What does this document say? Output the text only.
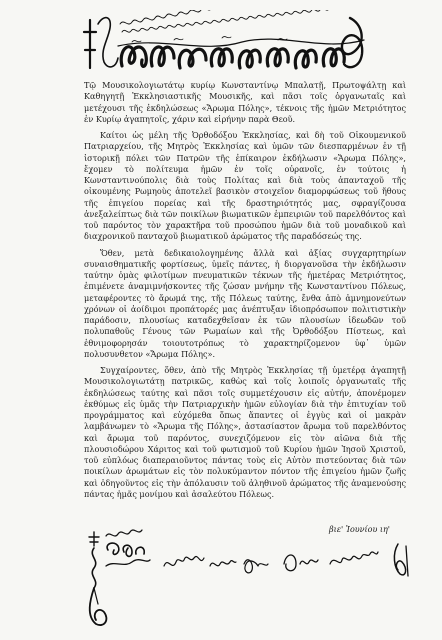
Τῷ Μουσικολογιωτάτῳ κυρίῳ Κωνσταντίνῳ Μπαλατῇ, Πρωτοψάλτῃ καὶ Καθηγητῇ Ἐκκλησιαστικῆς Μουσικῆς, καὶ πᾶσι τοῖς ὀργανωταῖς καὶ μετέχουσι τῆς ἐκδηλώσεως «Ἄρωμα Πόλης», τέκνοις τῆς ἡμῶν Μετριότητος ἐν Κυρίῳ ἀγαπητοῖς, χάριν καὶ εἰρήνην παρὰ Θεοῦ.

Καίτοι ὡς μέλη τῆς Ὀρθοδόξου Ἐκκλησίας, καὶ δὴ τοῦ Οἰκουμενικοῦ Πατριαρχείου, τῆς Μητρὸς Ἐκκλησίας καὶ ὑμῶν τῶν διεσπαρμένων ἐν τῇ ἱστορικῇ πόλει τῶν Πατρῶν τῆς ἐπίκαιρον ἐκδήλωσιν «Ἄρωμα Πόλης», ἔχομεν τὸ πολίτευμα ἡμῶν ἐν τοῖς οὐρανοῖς, ἐν τούτοις ἡ Κωνσταντινούπολις διὰ τοὺς Πολίτας καὶ διὰ τοὺς ἁπανταχοῦ τῆς οἰκουμένης Ρωμηοὺς ἀποτελεῖ βασικὸν στοιχεῖον διαμορφώσεως τοῦ ἤθους τῆς ἐπιγείου πορείας καὶ τῆς δραστηριότητός μας, σφραγίζουσα ἀνεξαλείπτως διὰ τῶν ποικίλων βιωματικῶν ἐμπειριῶν τοῦ παρελθόντος καὶ τοῦ παρόντος τὸν χαρακτῆρα τοῦ προσώπου ἡμῶν διὰ τοῦ μοναδικοῦ καὶ διαχρονικοῦ πανταχοῦ βιωματικοῦ ἀρώματος τῆς παραδόσεώς της.

Ὅθεν, μετὰ δεδικαιολογημένης ἄλλὰ καὶ ἀξίας συγχαρητηρίων συναισθηματικῆς φορτίσεως, ὑμεῖς πάντες, ἡ διοργανοῦσα τὴν ἐκδήλωσιν ταύτην ὁμὰς φιλοτίμων πνευματικῶν τέκνων τῆς ἡμετέρας Μετριότητος, ἐπιμένετε ἀναμιμνήσκοντες τῆς ζώσαν μνήμην τῆς Κωνσταντίνου Πόλεως, μεταφέροντες τὸ ἄρωμά της, τῆς Πόλεως ταύτης, ἔνθα ἀπὸ ἀμνημονεύτων χρόνων οἱ ἀοίδιμοι προπάτορές μας ἀνέπτυξαν ἰδιοπρόσωπον πολιτιστικὴν παράδοσιν, πλουσίως καταδεχθεῖσαν ἐκ τῶν πλουσίων ἰδεωδῶν τοῦ πολυπαθοῦς Γένους τῶν Ρωμαίων καὶ τῆς Ὀρθοδόξου Πίστεως, καὶ ἐθνιμοφορησάν τοιουτοτρόπως τὸ χαρακτηρίζομενον ὑφ᾽ ὑμῶν πολυσυνθετον «Ἄρωμα Πόλης».

Συγχαίροντες, ὅθεν, ἀπὸ τῆς Μητρὸς Ἐκκλησίας τῇ ὑμετέρᾳ ἀγαπητῇ Μουσικολογιωτάτῃ πατρικῶς, καθὼς καὶ τοῖς λοιποῖς ὀργανωταῖς τῆς ἐκδηλώσεως ταύτης καὶ πᾶσι τοῖς συμμετέχουσιν εἰς αὐτήν, ἀπονέμομεν ἐκθύμως εἰς ὑμᾶς τὴν Πατριαρχικὴν ἡμῶν εὐλογίαν διὰ τὴν ἐπιτυχίαν τοῦ προγράμματος καὶ εὐχόμεθα ὅπως ἅπαντες οἱ ἐγγὺς καὶ οἱ μακρὰν λαμβάνωμεν τὸ «Ἄρωμα τῆς Πόλης», ἀστασίαστον ἄρωμα τοῦ παρελθόντος καὶ ἄρωμα τοῦ παρόντος, συνεχιζόμενον εἰς τὸν αἰῶνα διὰ τῆς πλουσιοδώρου Χάριτος καὶ τοῦ φωτισμοῦ τοῦ Κυρίου ἡμῶν Ἰησοῦ Χριστοῦ, τοῦ εὐπλόως διαπεραιοῦντος πάντας τοὺς εἰς Αὐτὸν πιστεύοντας διὰ τῶν ποικίλων ἀρωμάτων εἰς τὸν πολυκύμαντον πόντον τῆς ἐπιγείου ἡμῶν ζωῆς καὶ ὁδηγοῦντος εἰς τὴν ἀπόλαυσιν τοῦ ἀληθινοῦ ἀρώματος τῆς ἀναμενούσης πάντας ἡμᾶς μονίμου καὶ ἀσαλεύτου Πόλεως.

βιε' Ἰουνίου ιη'
